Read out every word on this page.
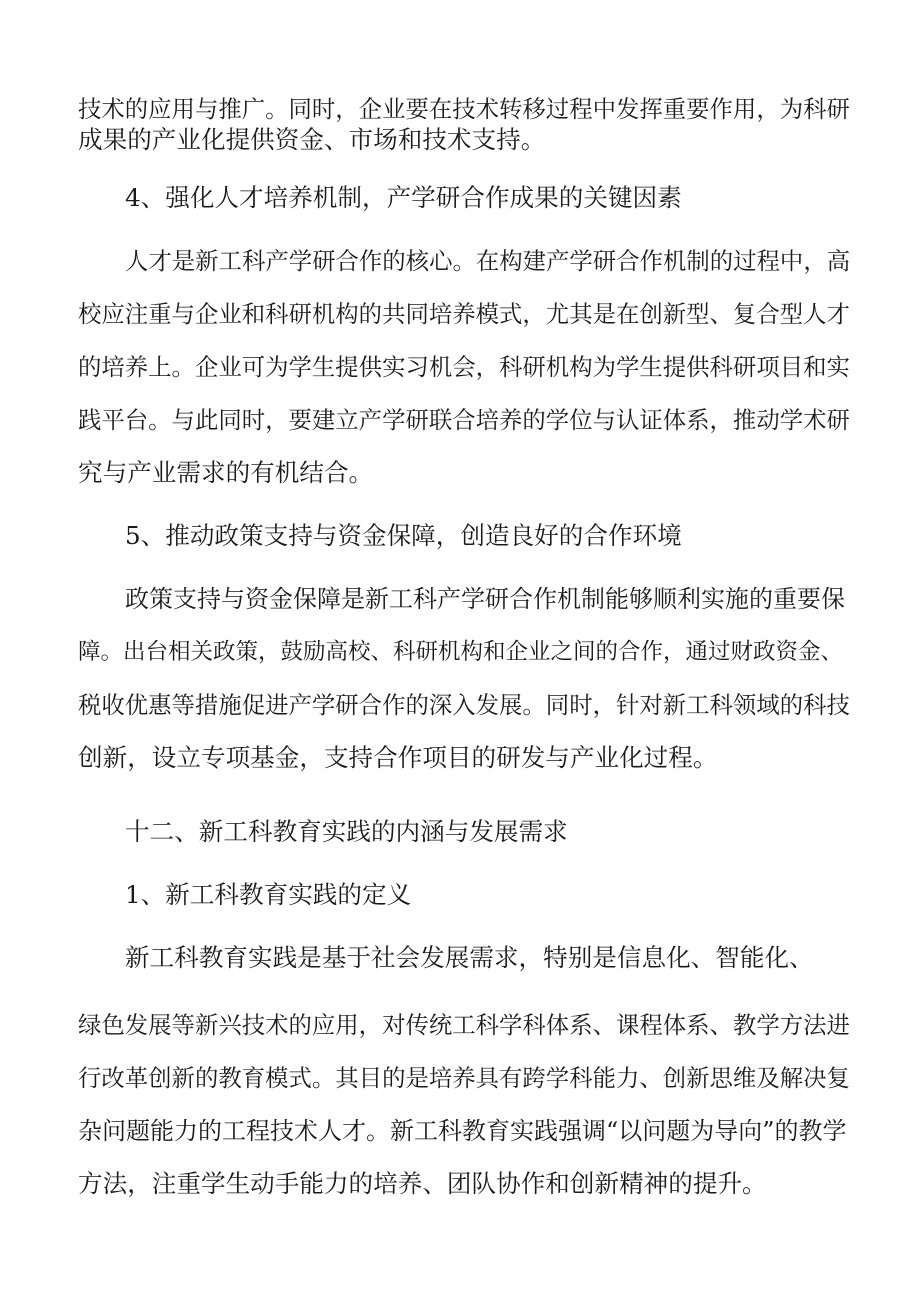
技术的应用与推广。同时，企业要在技术转移过程中发挥重要作用，为科研

成果的产业化提供资金、市场和技术支持。

4、强化人才培养机制，产学研合作成果的关键因素

人才是新工科产学研合作的核心。在构建产学研合作机制的过程中，高

校应注重与企业和科研机构的共同培养模式，尤其是在创新型、复合型人才

的培养上。企业可为学生提供实习机会，科研机构为学生提供科研项目和实

践平台。与此同时，要建立产学研联合培养的学位与认证体系，推动学术研

究与产业需求的有机结合。

5、推动政策支持与资金保障，创造良好的合作环境

政策支持与资金保障是新工科产学研合作机制能够顺利实施的重要保

障。出台相关政策，鼓励高校、科研机构和企业之间的合作，通过财政资金、

税收优惠等措施促进产学研合作的深入发展。同时，针对新工科领域的科技

创新，设立专项基金，支持合作项目的研发与产业化过程。

十二、新工科教育实践的内涵与发展需求

1、新工科教育实践的定义

新工科教育实践是基于社会发展需求，特别是信息化、智能化、

绿色发展等新兴技术的应用，对传统工科学科体系、课程体系、教学方法进

行改革创新的教育模式。其目的是培养具有跨学科能力、创新思维及解决复

杂问题能力的工程技术人才。新工科教育实践强调“以问题为导向”的教学

方法，注重学生动手能力的培养、团队协作和创新精神的提升。
